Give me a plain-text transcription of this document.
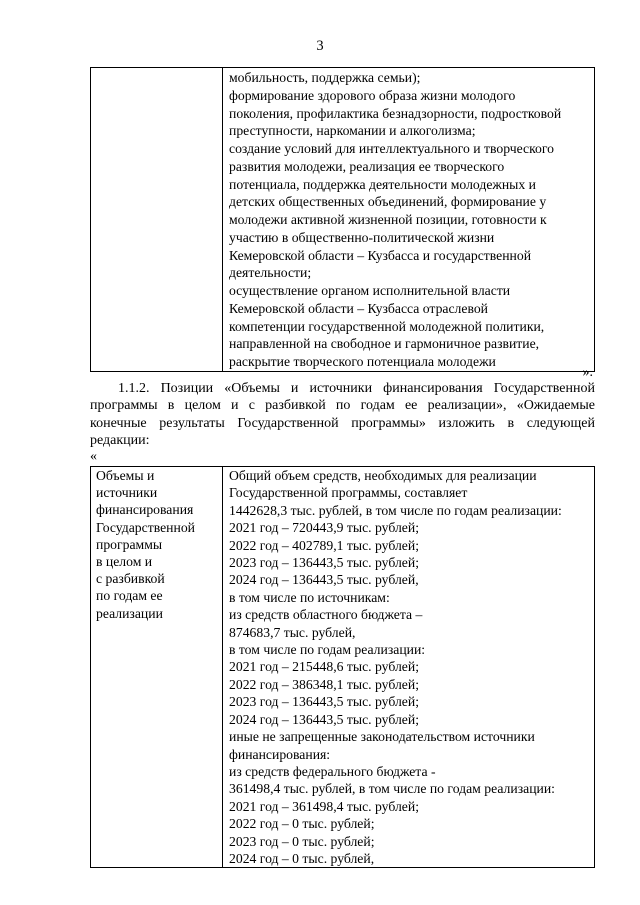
3

мобильность, поддержка семьи);
формирование здорового образа жизни молодого
поколения, профилактика безнадзорности, подростковой
преступности, наркомании и алкоголизма;
создание условий для интеллектуального и творческого
развития молодежи, реализация ее творческого
потенциала, поддержка деятельности молодежных и
детских общественных объединений, формирование у
молодежи активной жизненной позиции, готовности к
участию в общественно-политической жизни
Кемеровской области – Кузбасса и государственной
деятельности;
осуществление органом исполнительной власти
Кемеровской области – Кузбасса отраслевой
компетенции государственной молодежной политики,
направленной на свободное и гармоничное развитие,
раскрытие творческого потенциала молодежи
».
1.1.2. Позиции «Объемы и источники финансирования Государственной
программы в целом и с разбивкой по годам ее реализации», «Ожидаемые
конечные результаты Государственной программы» изложить в следующей
редакции:
«
Объемы и
источники
финансирования
Государственной
программы
в целом и
с разбивкой
по годам ее
реализации

Общий объем средств, необходимых для реализации
Государственной программы, составляет
1442628,3 тыс. рублей, в том числе по годам реализации:
2021 год – 720443,9 тыс. рублей;
2022 год – 402789,1 тыс. рублей;
2023 год – 136443,5 тыс. рублей;
2024 год – 136443,5 тыс. рублей,
в том числе по источникам:
из средств областного бюджета –
874683,7 тыс. рублей,
в том числе по годам реализации:
2021 год – 215448,6 тыс. рублей;
2022 год – 386348,1 тыс. рублей;
2023 год – 136443,5 тыс. рублей;
2024 год – 136443,5 тыс. рублей;
иные не запрещенные законодательством источники
финансирования:
из средств федерального бюджета -
361498,4 тыс. рублей, в том числе по годам реализации:
2021 год – 361498,4 тыс. рублей;
2022 год – 0 тыс. рублей;
2023 год – 0 тыс. рублей;
2024 год – 0 тыс. рублей,
